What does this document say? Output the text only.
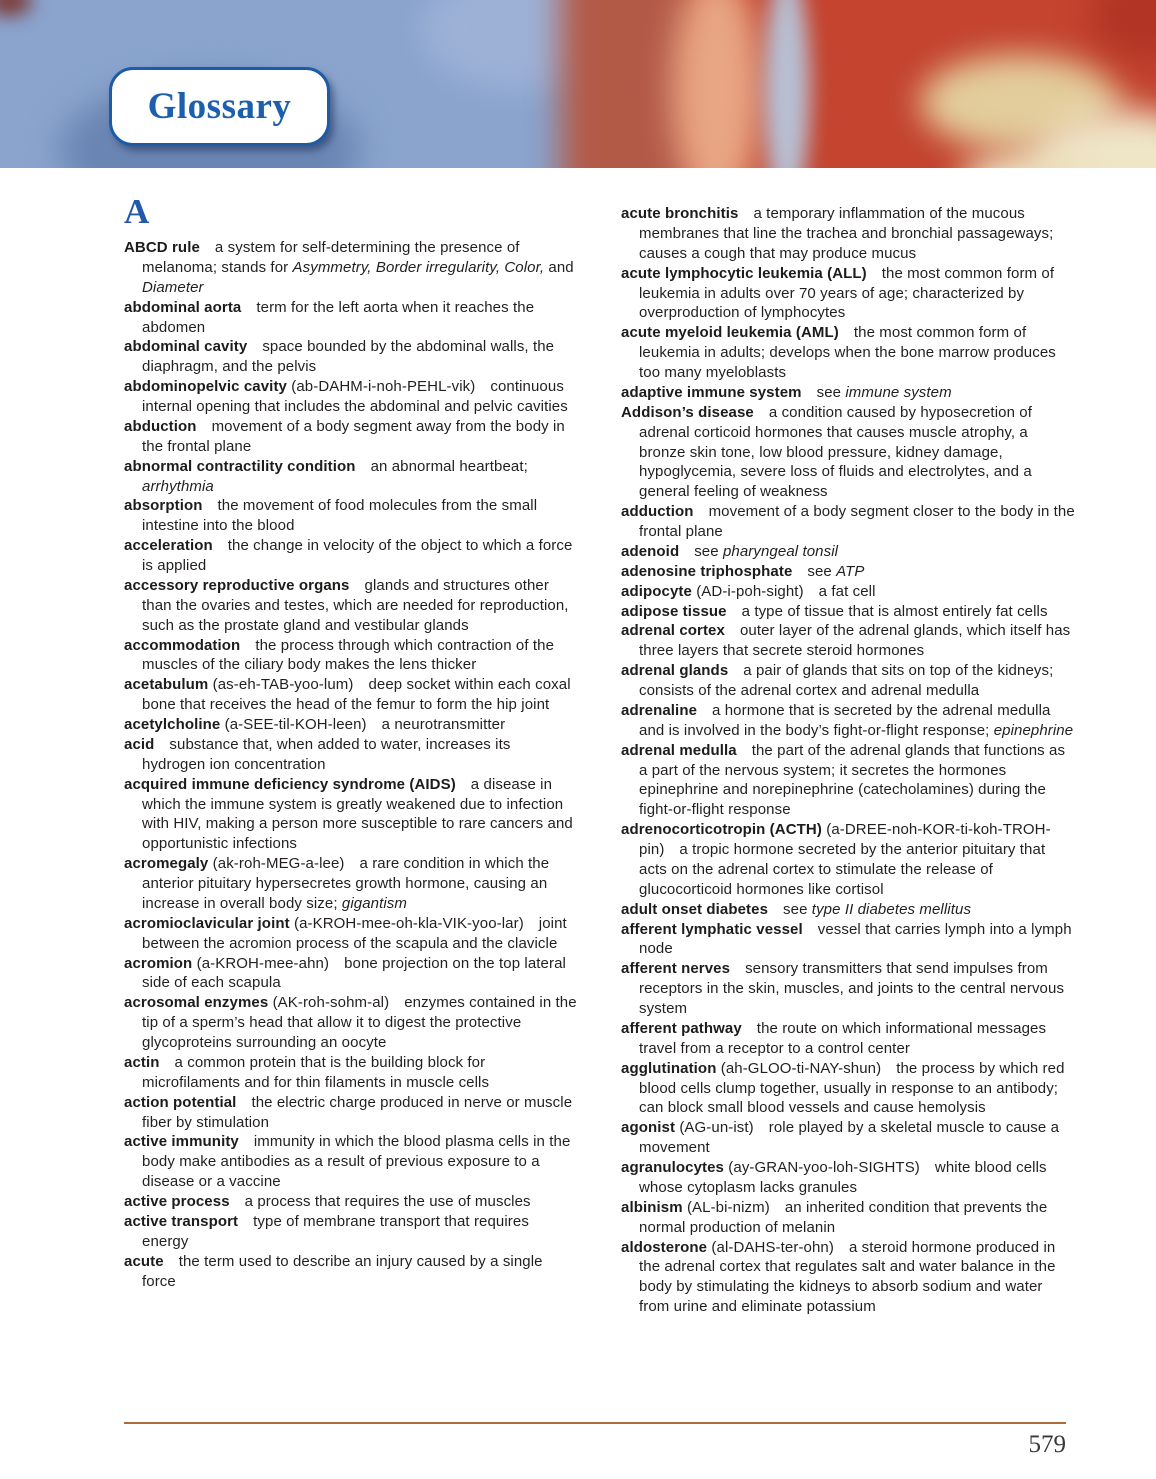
Glossary
A

ABCD rule a system for self-determining the presence of melanoma; stands for Asymmetry, Border irregularity, Color, and Diameter

abdominal aorta term for the left aorta when it reaches the abdomen

abdominal cavity space bounded by the abdominal walls, the diaphragm, and the pelvis

abdominopelvic cavity (ab-DAHM-i-noh-PEHL-vik) continuous internal opening that includes the abdominal and pelvic cavities

abduction movement of a body segment away from the body in the frontal plane

abnormal contractility condition an abnormal heartbeat; arrhythmia

absorption the movement of food molecules from the small intestine into the blood

acceleration the change in velocity of the object to which a force is applied

accessory reproductive organs glands and structures other than the ovaries and testes, which are needed for reproduction, such as the prostate gland and vestibular glands

accommodation the process through which contraction of the muscles of the ciliary body makes the lens thicker

acetabulum (as-eh-TAB-yoo-lum) deep socket within each coxal bone that receives the head of the femur to form the hip joint

acetylcholine (a-SEE-til-KOH-leen) a neurotransmitter

acid substance that, when added to water, increases its hydrogen ion concentration

acquired immune deficiency syndrome (AIDS) a disease in which the immune system is greatly weakened due to infection with HIV, making a person more susceptible to rare cancers and opportunistic infections

acromegaly (ak-roh-MEG-a-lee) a rare condition in which the anterior pituitary hypersecretes growth hormone, causing an increase in overall body size; gigantism

acromioclavicular joint (a-KROH-mee-oh-kla-VIK-yoo-lar) joint between the acromion process of the scapula and the clavicle

acromion (a-KROH-mee-ahn) bone projection on the top lateral side of each scapula

acrosomal enzymes (AK-roh-sohm-al) enzymes contained in the tip of a sperm’s head that allow it to digest the protective glycoproteins surrounding an oocyte

actin a common protein that is the building block for microfilaments and for thin filaments in muscle cells

action potential the electric charge produced in nerve or muscle fiber by stimulation

active immunity immunity in which the blood plasma cells in the body make antibodies as a result of previous exposure to a disease or a vaccine

active process a process that requires the use of muscles

active transport type of membrane transport that requires energy

acute the term used to describe an injury caused by a single force

acute bronchitis a temporary inflammation of the mucous membranes that line the trachea and bronchial passageways; causes a cough that may produce mucus

acute lymphocytic leukemia (ALL) the most common form of leukemia in adults over 70 years of age; characterized by overproduction of lymphocytes

acute myeloid leukemia (AML) the most common form of leukemia in adults; develops when the bone marrow produces too many myeloblasts

adaptive immune system see immune system

Addison’s disease a condition caused by hyposecretion of adrenal corticoid hormones that causes muscle atrophy, a bronze skin tone, low blood pressure, kidney damage, hypoglycemia, severe loss of fluids and electrolytes, and a general feeling of weakness

adduction movement of a body segment closer to the body in the frontal plane

adenoid see pharyngeal tonsil

adenosine triphosphate see ATP

adipocyte (AD-i-poh-sight) a fat cell

adipose tissue a type of tissue that is almost entirely fat cells

adrenal cortex outer layer of the adrenal glands, which itself has three layers that secrete steroid hormones

adrenal glands a pair of glands that sits on top of the kidneys; consists of the adrenal cortex and adrenal medulla

adrenaline a hormone that is secreted by the adrenal medulla and is involved in the body’s fight-or-flight response; epinephrine

adrenal medulla the part of the adrenal glands that functions as a part of the nervous system; it secretes the hormones epinephrine and norepinephrine (catecholamines) during the fight-or-flight response

adrenocorticotropin (ACTH) (a-DREE-noh-KOR-ti-koh-TROH-pin) a tropic hormone secreted by the anterior pituitary that acts on the adrenal cortex to stimulate the release of glucocorticoid hormones like cortisol

adult onset diabetes see type II diabetes mellitus

afferent lymphatic vessel vessel that carries lymph into a lymph node

afferent nerves sensory transmitters that send impulses from receptors in the skin, muscles, and joints to the central nervous system

afferent pathway the route on which informational messages travel from a receptor to a control center

agglutination (ah-GLOO-ti-NAY-shun) the process by which red blood cells clump together, usually in response to an antibody; can block small blood vessels and cause hemolysis

agonist (AG-un-ist) role played by a skeletal muscle to cause a movement

agranulocytes (ay-GRAN-yoo-loh-SIGHTS) white blood cells whose cytoplasm lacks granules

albinism (AL-bi-nizm) an inherited condition that prevents the normal production of melanin

aldosterone (al-DAHS-ter-ohn) a steroid hormone produced in the adrenal cortex that regulates salt and water balance in the body by stimulating the kidneys to absorb sodium and water from urine and eliminate potassium

579
